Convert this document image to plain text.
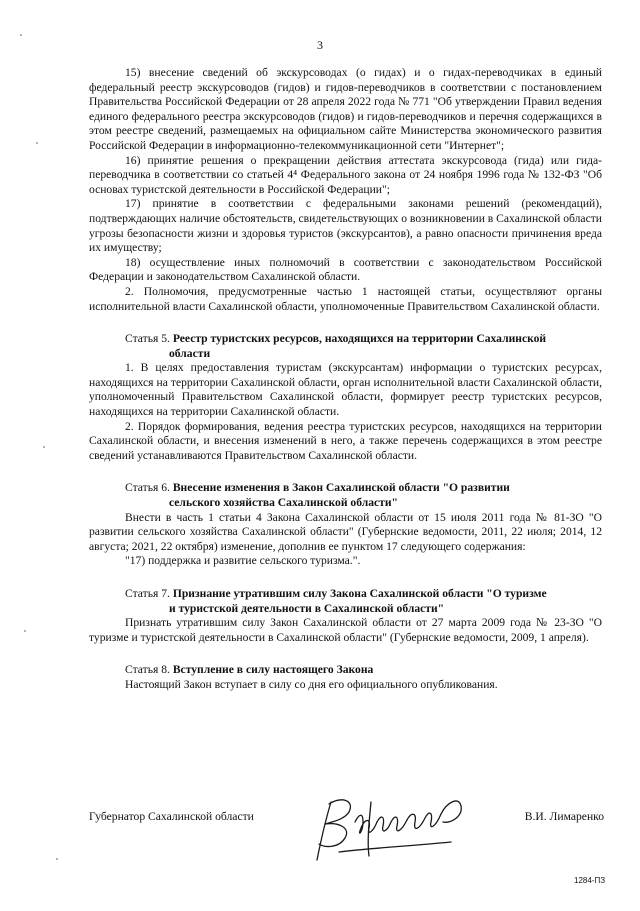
3
15) внесение сведений об экскурсоводах (о гидах) и о гидах-переводчиках в единый федеральный реестр экскурсоводов (гидов) и гидов-переводчиков в соответствии с постановлением Правительства Российской Федерации от 28 апреля 2022 года № 771 "Об утверждении Правил ведения единого федерального реестра экскурсоводов (гидов) и гидов-переводчиков и перечня содержащихся в этом реестре сведений, размещаемых на официальном сайте Министерства экономического развития Российской Федерации в информационно-телекоммуникационной сети "Интернет";
16) принятие решения о прекращении действия аттестата экскурсовода (гида) или гида-переводчика в соответствии со статьей 4⁴ Федерального закона от 24 ноября 1996 года № 132-ФЗ "Об основах туристской деятельности в Российской Федерации";
17) принятие в соответствии с федеральными законами решений (рекомендаций), подтверждающих наличие обстоятельств, свидетельствующих о возникновении в Сахалинской области угрозы безопасности жизни и здоровья туристов (экскурсантов), а равно опасности причинения вреда их имуществу;
18) осуществление иных полномочий в соответствии с законодательством Российской Федерации и законодательством Сахалинской области.
2. Полномочия, предусмотренные частью 1 настоящей статьи, осуществляют органы исполнительной власти Сахалинской области, уполномоченные Правительством Сахалинской области.
Статья 5. Реестр туристских ресурсов, находящихся на территории Сахалинской
области
1. В целях предоставления туристам (экскурсантам) информации о туристских ресурсах, находящихся на территории Сахалинской области, орган исполнительной власти Сахалинской области, уполномоченный Правительством Сахалинской области, формирует реестр туристских ресурсов, находящихся на территории Сахалинской области.
2. Порядок формирования, ведения реестра туристских ресурсов, находящихся на территории Сахалинской области, и внесения изменений в него, а также перечень содержащихся в этом реестре сведений устанавливаются Правительством Сахалинской области.
Статья 6. Внесение изменения в Закон Сахалинской области "О развитии
сельского хозяйства Сахалинской области"
Внести в часть 1 статьи 4 Закона Сахалинской области от 15 июля 2011 года № 81-ЗО "О развитии сельского хозяйства Сахалинской области" (Губернские ведомости, 2011, 22 июля; 2014, 12 августа; 2021, 22 октября) изменение, дополнив ее пунктом 17 следующего содержания:
"17) поддержка и развитие сельского туризма.".
Статья 7. Признание утратившим силу Закона Сахалинской области "О туризме
и туристской деятельности в Сахалинской области"
Признать утратившим силу Закон Сахалинской области от 27 марта 2009 года № 23-ЗО "О туризме и туристской деятельности в Сахалинской области" (Губернские ведомости, 2009, 1 апреля).
Статья 8. Вступление в силу настоящего Закона
Настоящий Закон вступает в силу со дня его официального опубликования.
Губернатор Сахалинской области	В.И. Лимаренко
1284-ПЗ
